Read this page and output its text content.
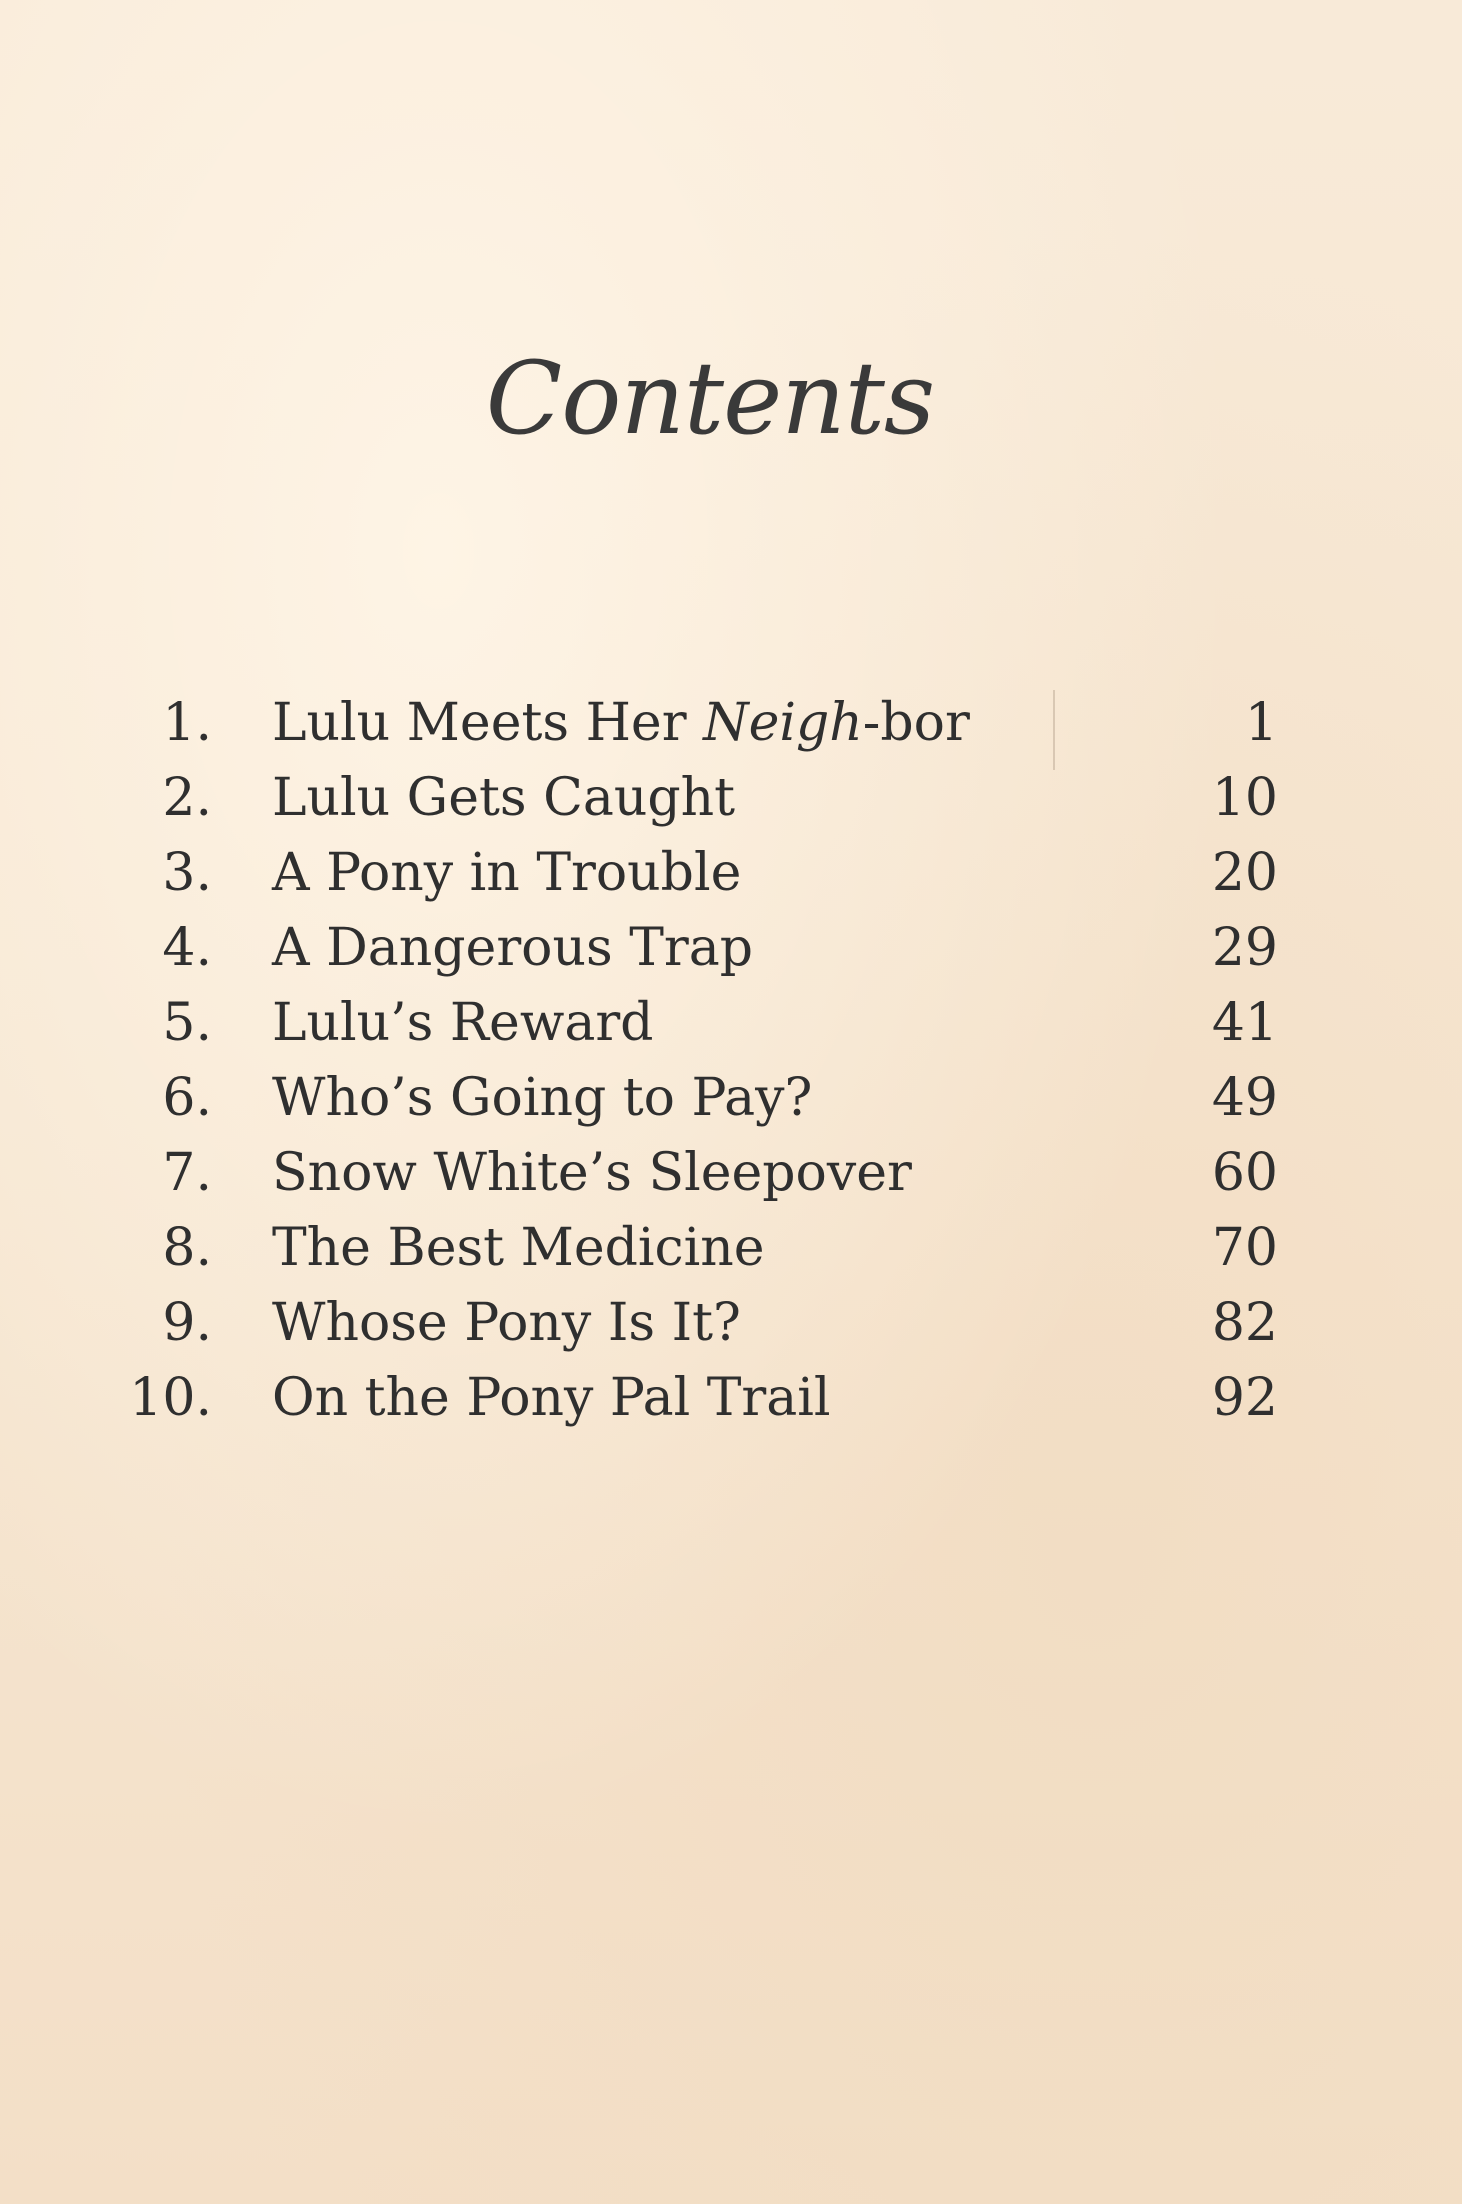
Contents
1. Lulu Meets Her Neigh-bor	1
2. Lulu Gets Caught	10
3. A Pony in Trouble	20
4. A Dangerous Trap	29
5. Lulu’s Reward	41
6. Who’s Going to Pay?	49
7. Snow White’s Sleepover	60
8. The Best Medicine	70
9. Whose Pony Is It?	82
10. On the Pony Pal Trail	92
